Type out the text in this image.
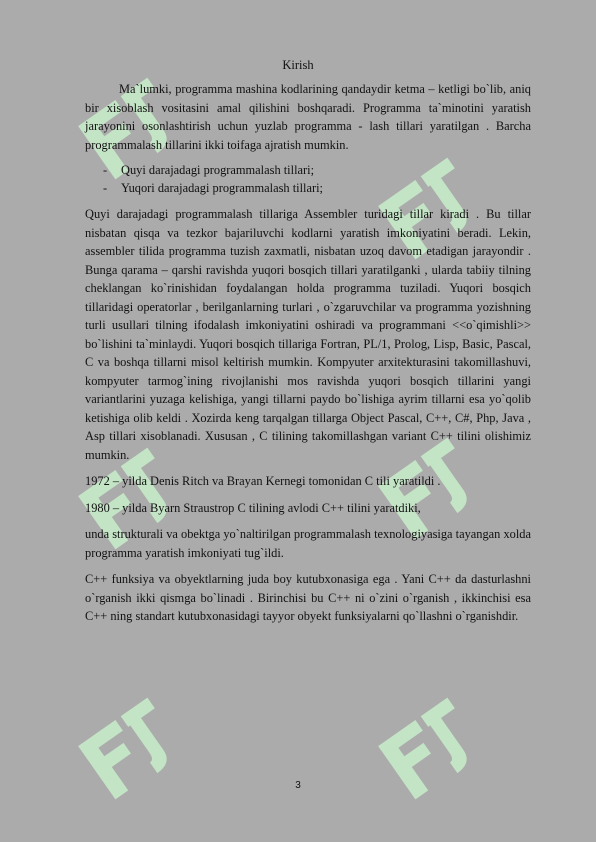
Kirish

Ma`lumki, programma mashina kodlarining qandaydir ketma – ketligi bo`lib, aniq bir xisoblash vositasini amal qilishini boshqaradi. Programma ta`minotini yaratish jarayonini osonlashtirish uchun yuzlab programma - lash tillari yaratilgan . Barcha programmalash tillarini ikki toifaga ajratish mumkin.

- Quyi darajadagi programmalash tillari;
- Yuqori darajadagi programmalash tillari;

Quyi darajadagi programmalash tillariga Assembler turidagi tillar kiradi . Bu tillar nisbatan qisqa va tezkor bajariluvchi kodlarni yaratish imkoniyatini beradi. Lekin, assembler tilida programma tuzish zaxmatli, nisbatan uzoq davom etadigan jarayondir . Bunga qarama – qarshi ravishda yuqori bosqich tillari yaratilganki , ularda tabiiy tilning cheklangan ko`rinishidan foydalangan holda programma tuziladi. Yuqori bosqich tillaridagi operatorlar , berilganlarning turlari , o`zgaruvchilar va programma yozishning turli usullari tilning ifodalash imkoniyatini oshiradi va programmani <<o`qimishli>> bo`lishini ta`minlaydi. Yuqori bosqich tillariga Fortran, PL/1, Prolog, Lisp, Basic, Pascal, C va boshqa tillarni misol keltirish mumkin. Kompyuter arxitekturasini takomillashuvi, kompyuter tarmog`ining rivojlanishi mos ravishda yuqori bosqich tillarini yangi variantlarini yuzaga kelishiga, yangi tillarni paydo bo`lishiga ayrim tillarni esa yo`qolib ketishiga olib keldi . Xozirda keng tarqalgan tillarga Object Pascal, C++, C#, Php, Java , Asp tillari xisoblanadi. Xususan , C tilining takomillashgan variant C++ tilini olishimiz mumkin.

1972 – yilda Denis Ritch va Brayan Kernegi tomonidan C tili yaratildi .

1980 – yilda Byarn Straustrop C tilining avlodi C++ tilini yaratdiki,

unda strukturali va obektga yo`naltirilgan programmalash texnologiyasiga tayangan xolda programma yaratish imkoniyati tug`ildi.

C++ funksiya va obyektlarning juda boy kutubxonasiga ega . Yani C++ da dasturlashni o`rganish ikki qismga bo`linadi . Birinchisi bu C++ ni o`zini o`rganish , ikkinchisi esa C++ ning standart kutubxonasidagi tayyor obyekt funksiyalarni qo`llashni o`rganishdir.

3
